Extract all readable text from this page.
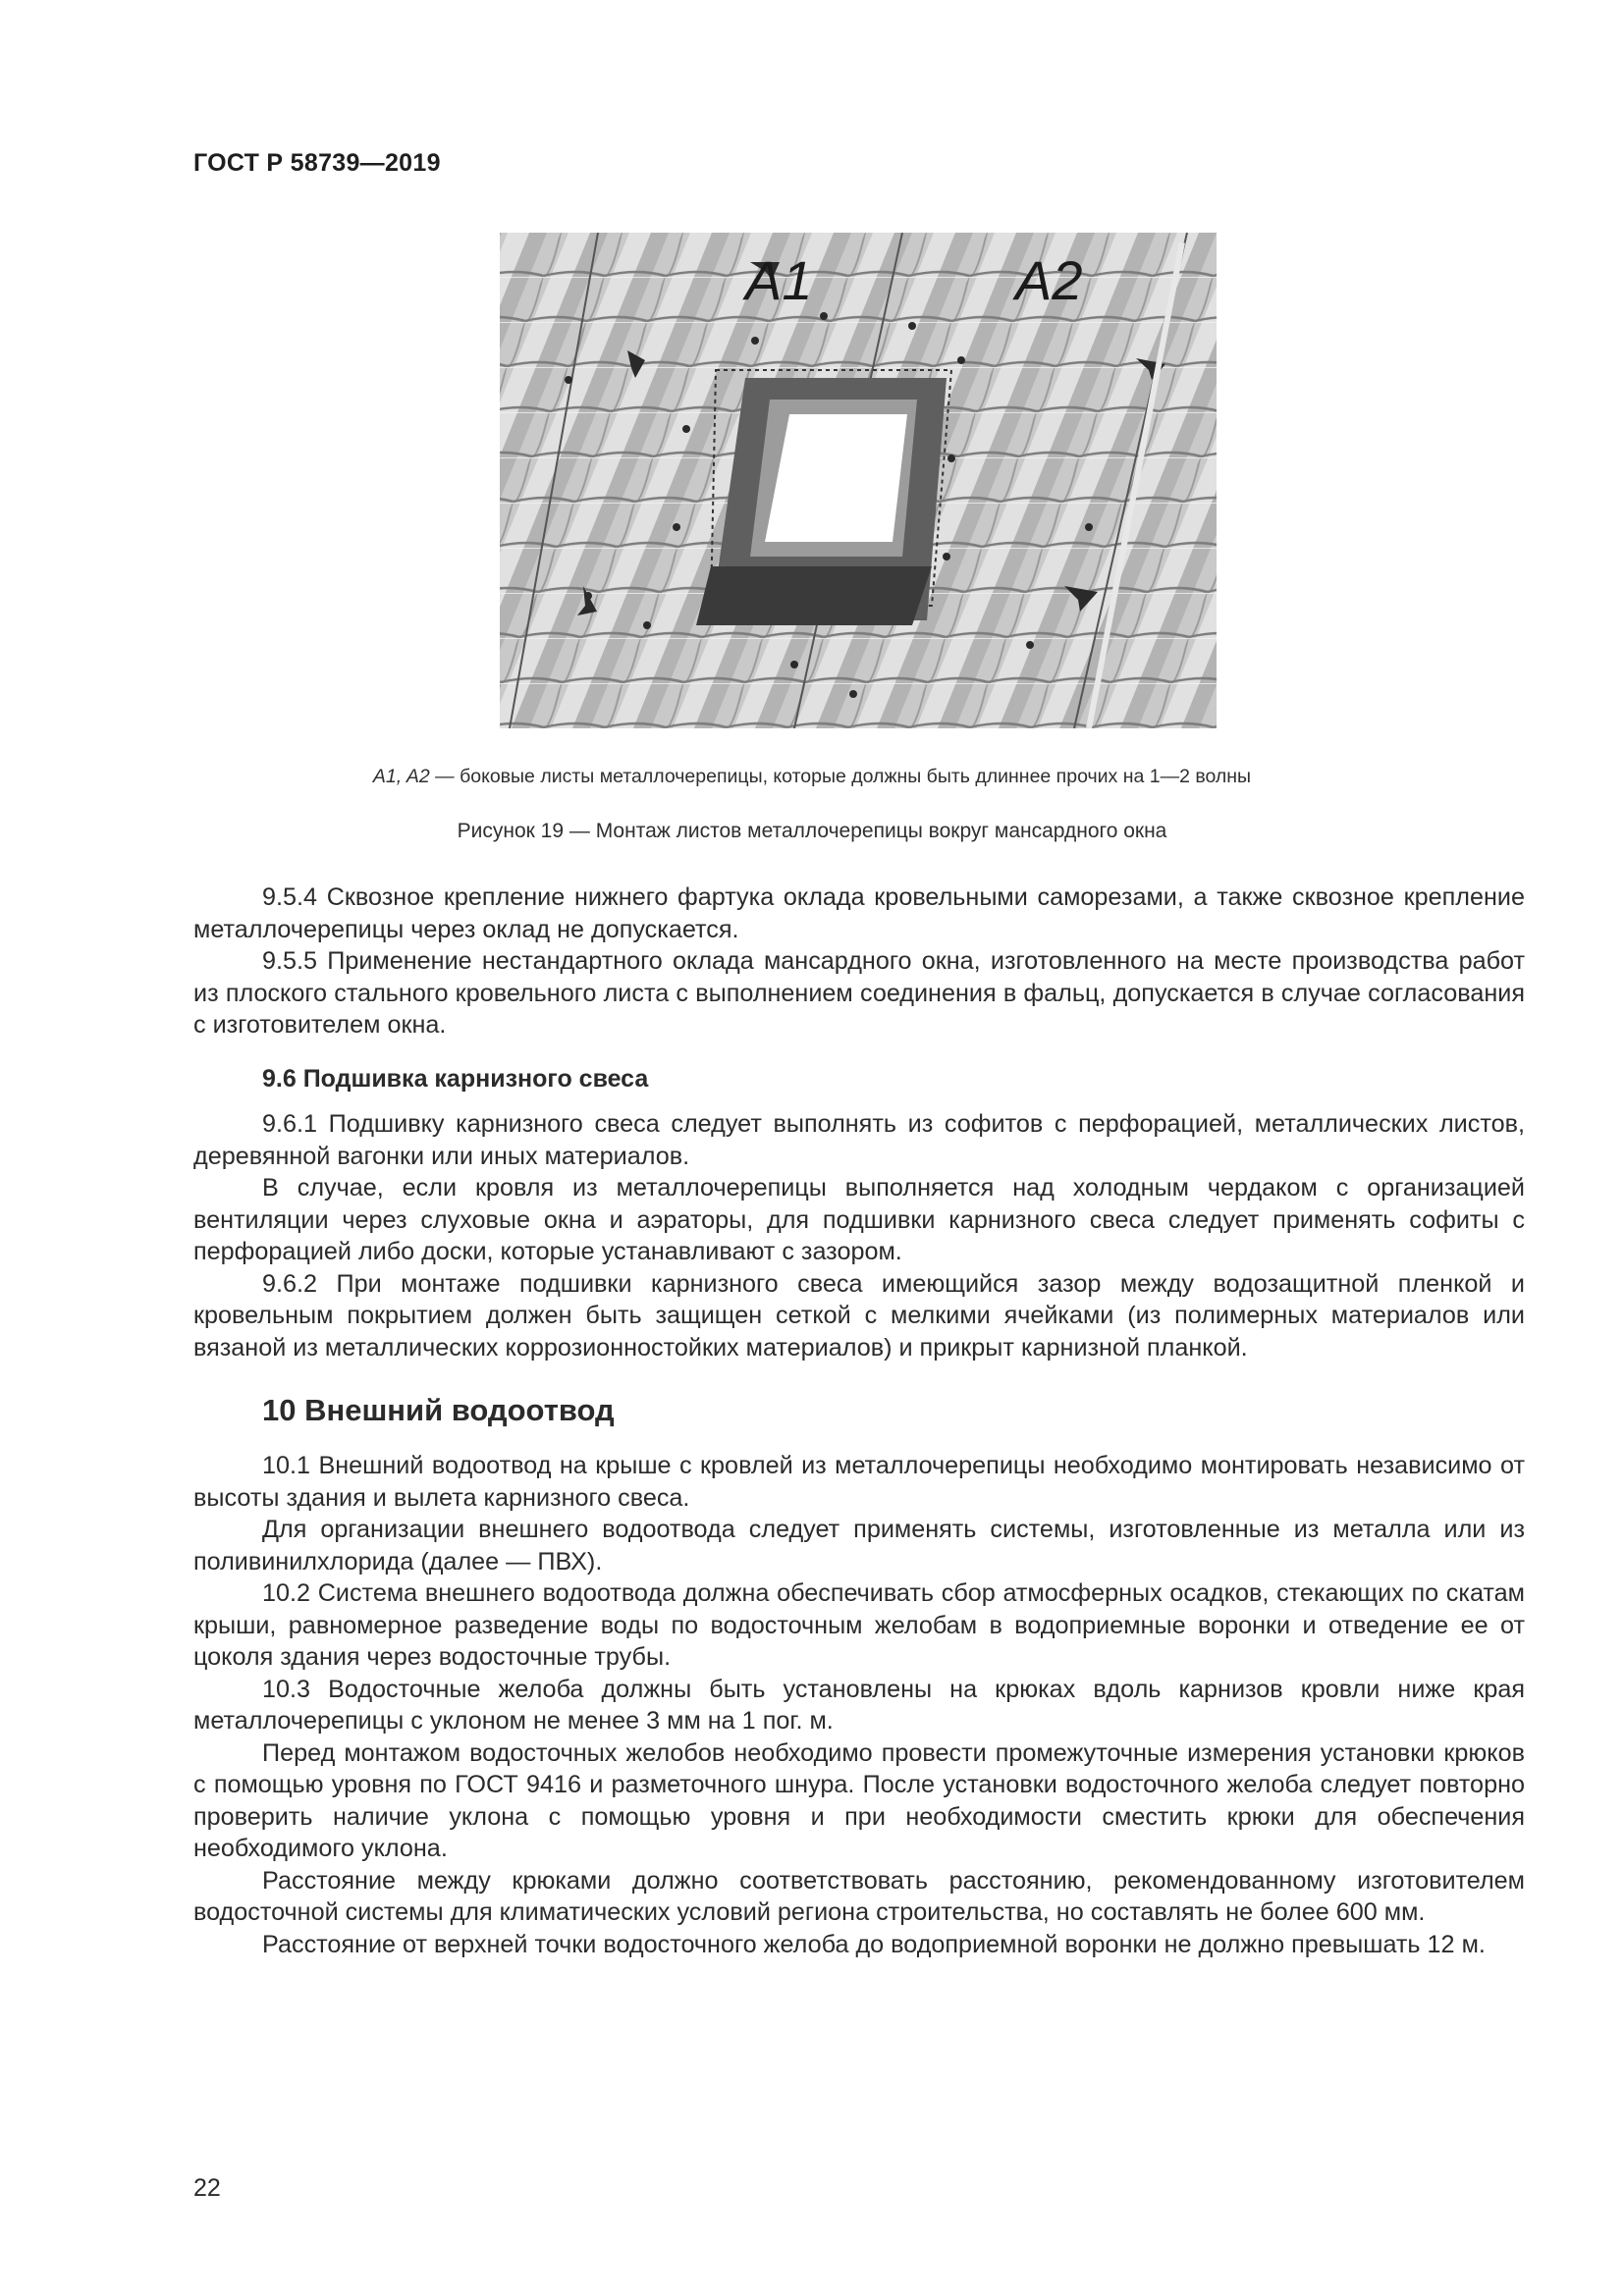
ГОСТ Р 58739—2019
A1	A2
A1, A2 — боковые листы металлочерепицы, которые должны быть длиннее прочих на 1—2 волны
Рисунок 19 — Монтаж листов металлочерепицы вокруг мансардного окна

9.5.4 Сквозное крепление нижнего фартука оклада кровельными саморезами, а также сквозное крепление металлочерепицы через оклад не допускается.

9.5.5 Применение нестандартного оклада мансардного окна, изготовленного на месте производства работ из плоского стального кровельного листа с выполнением соединения в фальц, допускается в случае согласования с изготовителем окна.

9.6 Подшивка карнизного свеса

9.6.1 Подшивку карнизного свеса следует выполнять из софитов с перфорацией, металлических листов, деревянной вагонки или иных материалов.

В случае, если кровля из металлочерепицы выполняется над холодным чердаком с организацией вентиляции через слуховые окна и аэраторы, для подшивки карнизного свеса следует применять софиты с перфорацией либо доски, которые устанавливают с зазором.

9.6.2 При монтаже подшивки карнизного свеса имеющийся зазор между водозащитной пленкой и кровельным покрытием должен быть защищен сеткой с мелкими ячейками (из полимерных материалов или вязаной из металлических коррозионностойких материалов) и прикрыт карнизной планкой.

10 Внешний водоотвод

10.1 Внешний водоотвод на крыше с кровлей из металлочерепицы необходимо монтировать независимо от высоты здания и вылета карнизного свеса.

Для организации внешнего водоотвода следует применять системы, изготовленные из металла или из поливинилхлорида (далее — ПВХ).

10.2 Система внешнего водоотвода должна обеспечивать сбор атмосферных осадков, стекающих по скатам крыши, равномерное разведение воды по водосточным желобам в водоприемные воронки и отведение ее от цоколя здания через водосточные трубы.

10.3 Водосточные желоба должны быть установлены на крюках вдоль карнизов кровли ниже края металлочерепицы с уклоном не менее 3 мм на 1 пог. м.

Перед монтажом водосточных желобов необходимо провести промежуточные измерения установки крюков с помощью уровня по ГОСТ 9416 и разметочного шнура. После установки водосточного желоба следует повторно проверить наличие уклона с помощью уровня и при необходимости сместить крюки для обеспечения необходимого уклона.

Расстояние между крюками должно соответствовать расстоянию, рекомендованному изготовителем водосточной системы для климатических условий региона строительства, но составлять не более 600 мм.

Расстояние от верхней точки водосточного желоба до водоприемной воронки не должно превышать 12 м.

22
